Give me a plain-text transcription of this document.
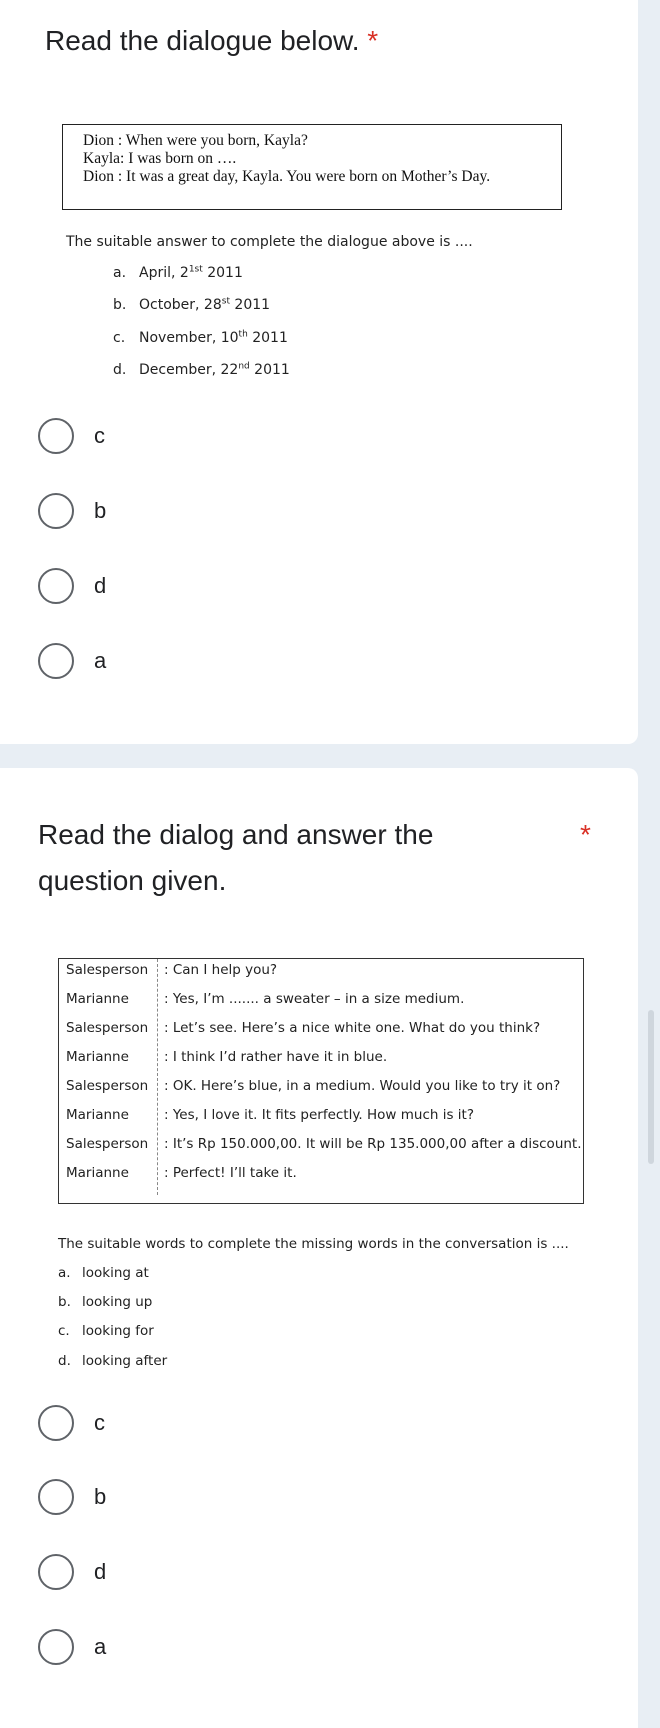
Read the dialogue below. *
Dion : When were you born, Kayla?
Kayla: I was born on ….
Dion : It was a great day, Kayla. You were born on Mother’s Day.
The suitable answer to complete the dialogue above is ....
a. April, $2^{1st}$ 2011
b. October, 28st 2011
c. November, 10th 2011
d. December, 22nd 2011
c
b
d
a
Read the dialog and answer the
question given.
*
Salesperson : Can I help you?
Marianne	: Yes, I’m ....... a sweater – in a size medium.
Salesperson : Let’s see. Here’s a nice white one. What do you think?
Marianne	: I think I’d rather have it in blue.
Salesperson : OK. Here’s blue, in a medium. Would you like to try it on?
Marianne	: Yes, I love it. It fits perfectly. How much is it?
Salesperson : It’s Rp 150.000,00. It will be Rp 135.000,00 after a discount.
Marianne	: Perfect! I’ll take it.
The suitable words to complete the missing words in the conversation is ....
a. looking at
b. looking up
c. looking for
d. looking after
c
b
d
a
